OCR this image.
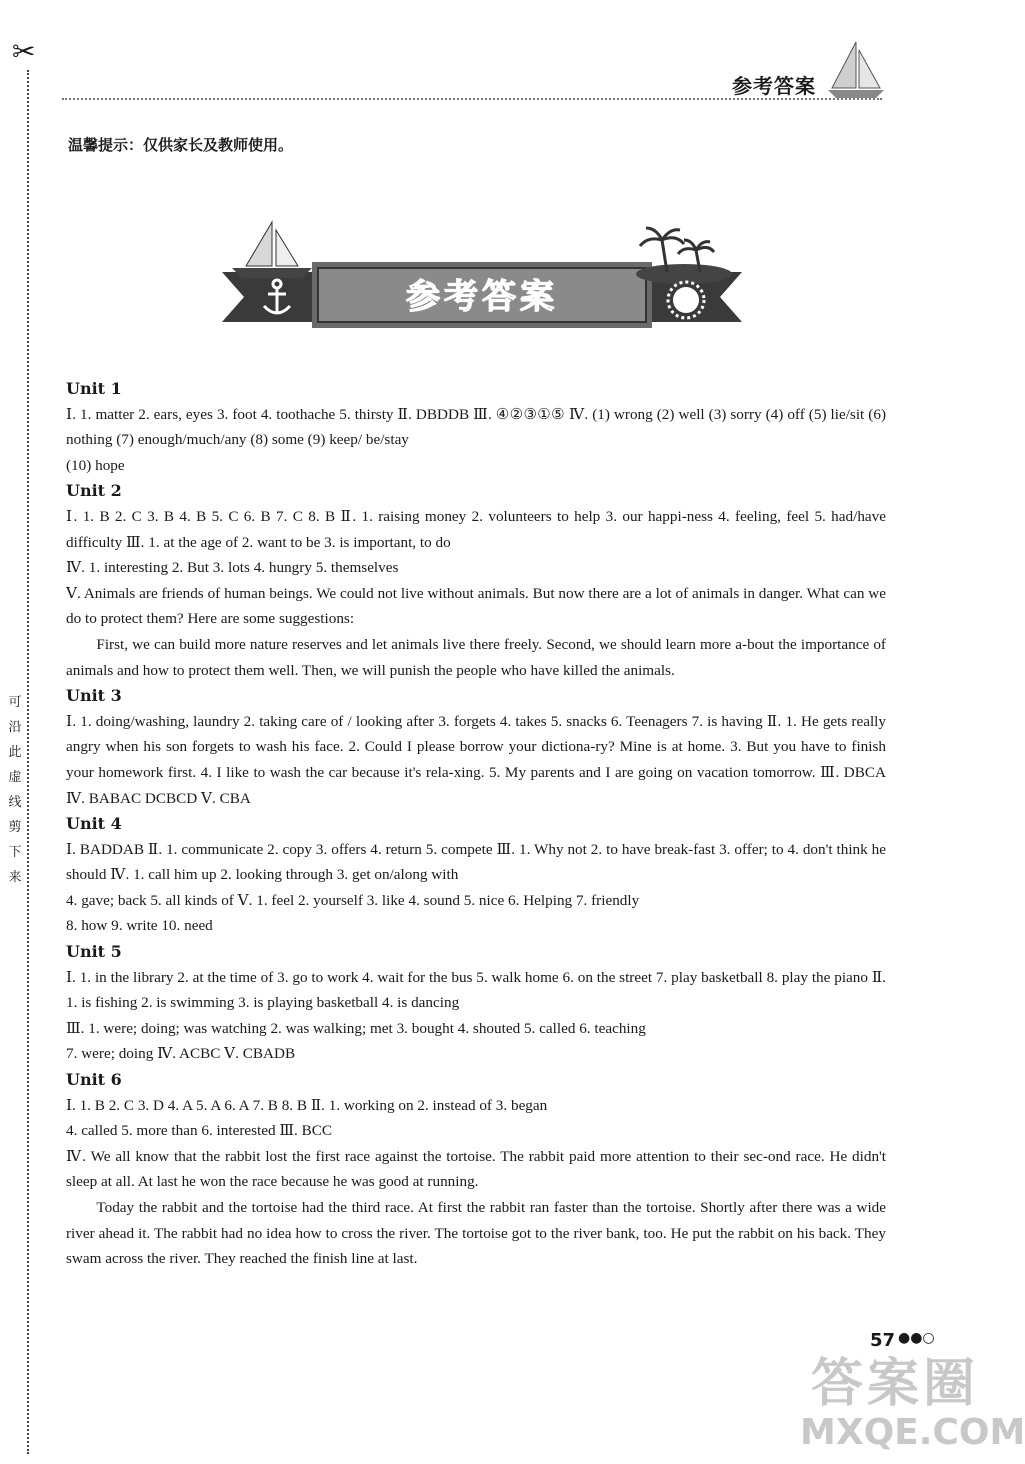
✂
可
沿
此
虚
线
剪
下
来
参考答案
温馨提示：仅供家长及教师使用。
参考答案
Unit 1
Ⅰ. 1. matter 2. ears, eyes 3. foot 4. toothache 5. thirsty Ⅱ. DBDDB Ⅲ. ④②③①⑤ Ⅳ. (1) wrong (2) well (3) sorry (4) off (5) lie/sit (6) nothing (7) enough/much/any (8) some (9) keep/ be/stay
(10) hope
Unit 2
Ⅰ. 1. B 2. C 3. B 4. B 5. C 6. B 7. C 8. B Ⅱ. 1. raising money 2. volunteers to help 3. our happi-ness 4. feeling, feel 5. had/have difficulty Ⅲ. 1. at the age of 2. want to be 3. is important, to do
Ⅳ. 1. interesting 2. But 3. lots 4. hungry 5. themselves
Ⅴ. Animals are friends of human beings. We could not live without animals. But now there are a lot of animals in danger. What can we do to protect them? Here are some suggestions:
First, we can build more nature reserves and let animals live there freely. Second, we should learn more a-bout the importance of animals and how to protect them well. Then, we will punish the people who have killed the animals.
Unit 3
Ⅰ. 1. doing/washing, laundry 2. taking care of / looking after 3. forgets 4. takes 5. snacks 6. Teenagers 7. is having Ⅱ. 1. He gets really angry when his son forgets to wash his face. 2. Could I please borrow your dictiona-ry? Mine is at home. 3. But you have to finish your homework first. 4. I like to wash the car because it's rela-xing. 5. My parents and I are going on vacation tomorrow. Ⅲ. DBCA Ⅳ. BABAC DCBCD Ⅴ. CBA
Unit 4
Ⅰ. BADDAB Ⅱ. 1. communicate 2. copy 3. offers 4. return 5. compete Ⅲ. 1. Why not 2. to have break-fast 3. offer; to 4. don't think he should Ⅳ. 1. call him up 2. looking through 3. get on/along with
4. gave; back 5. all kinds of Ⅴ. 1. feel 2. yourself 3. like 4. sound 5. nice 6. Helping 7. friendly
8. how 9. write 10. need
Unit 5
Ⅰ. 1. in the library 2. at the time of 3. go to work 4. wait for the bus 5. walk home 6. on the street 7. play basketball 8. play the piano Ⅱ. 1. is fishing 2. is swimming 3. is playing basketball 4. is dancing
Ⅲ. 1. were; doing; was watching 2. was walking; met 3. bought 4. shouted 5. called 6. teaching
7. were; doing Ⅳ. ACBC Ⅴ. CBADB
Unit 6
Ⅰ. 1. B 2. C 3. D 4. A 5. A 6. A 7. B 8. B Ⅱ. 1. working on 2. instead of 3. began
4. called 5. more than 6. interested Ⅲ. BCC
Ⅳ. We all know that the rabbit lost the first race against the tortoise. The rabbit paid more attention to their sec-ond race. He didn't sleep at all. At last he won the race because he was good at running.
Today the rabbit and the tortoise had the third race. At first the rabbit ran faster than the tortoise. Shortly after there was a wide river ahead it. The rabbit had no idea how to cross the river. The tortoise got to the river bank, too. He put the rabbit on his back. They swam across the river. They reached the finish line at last.
57 ●●○
答案圈
MXQE.COM
